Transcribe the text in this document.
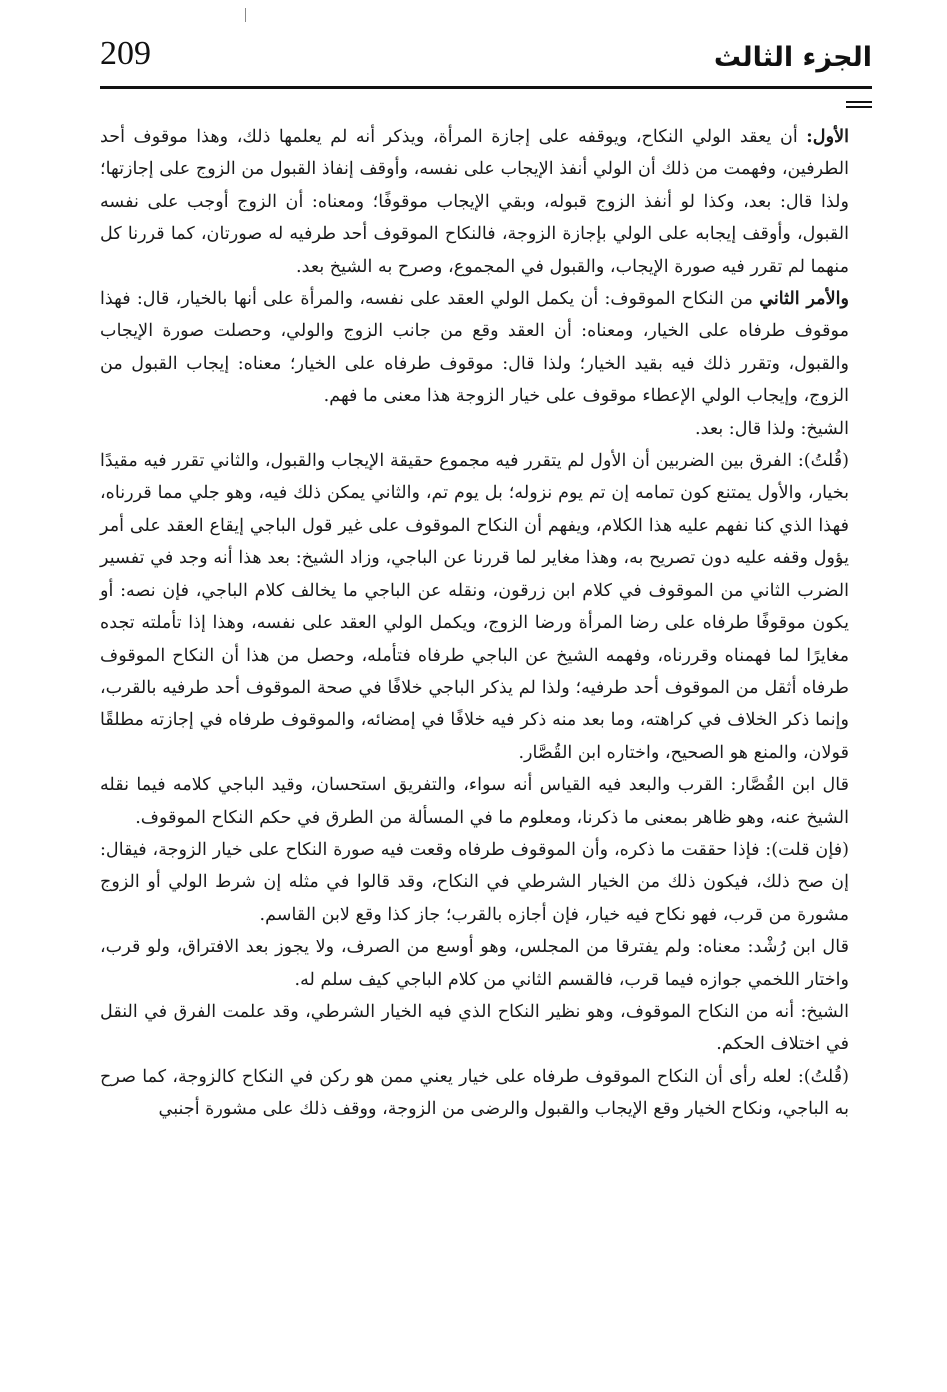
209	الجزء الثالث

الأول: أن يعقد الولي النكاح، ويوقفه على إجازة المرأة، ويذكر أنه لم يعلمها ذلك، وهذا موقوف أحد الطرفين، وفهمت من ذلك أن الولي أنفذ الإيجاب على نفسه، وأوقف إنفاذ القبول من الزوج على إجازتها؛ ولذا قال: بعد، وكذا لو أنفذ الزوج قبوله، وبقي الإيجاب موقوفًا؛ ومعناه: أن الزوج أوجب على نفسه القبول، وأوقف إيجابه على الولي بإجازة الزوجة، فالنكاح الموقوف أحد طرفيه له صورتان، كما قررنا كل منهما لم تقرر فيه صورة الإيجاب، والقبول في المجموع، وصرح به الشيخ بعد.

والأمر الثاني من النكاح الموقوف: أن يكمل الولي العقد على نفسه، والمرأة على أنها بالخيار، قال: فهذا موقوف طرفاه على الخيار، ومعناه: أن العقد وقع من جانب الزوج والولي، وحصلت صورة الإيجاب والقبول، وتقرر ذلك فيه بقيد الخيار؛ ولذا قال: موقوف طرفاه على الخيار؛ معناه: إيجاب القبول من الزوج، وإيجاب الولي الإعطاء موقوف على خيار الزوجة هذا معنى ما فهم.

الشيخ: ولذا قال: بعد.

(قُلتُ): الفرق بين الضربين أن الأول لم يتقرر فيه مجموع حقيقة الإيجاب والقبول، والثاني تقرر فيه مقيدًا بخيار، والأول يمتنع كون تمامه إن تم يوم نزوله؛ بل يوم تم، والثاني يمكن ذلك فيه، وهو جلي مما قررناه، فهذا الذي كنا نفهم عليه هذا الكلام، ويفهم أن النكاح الموقوف على غير قول الباجي إيقاع العقد على أمر يؤول وقفه عليه دون تصريح به، وهذا مغاير لما قررنا عن الباجي، وزاد الشيخ: بعد هذا أنه وجد في تفسير الضرب الثاني من الموقوف في كلام ابن زرقون، ونقله عن الباجي ما يخالف كلام الباجي، فإن نصه: أو يكون موقوفًا طرفاه على رضا المرأة ورضا الزوج، ويكمل الولي العقد على نفسه، وهذا إذا تأملته تجده مغايرًا لما فهمناه وقررناه، وفهمه الشيخ عن الباجي طرفاه فتأمله، وحصل من هذا أن النكاح الموقوف طرفاه أثقل من الموقوف أحد طرفيه؛ ولذا لم يذكر الباجي خلافًا في صحة الموقوف أحد طرفيه بالقرب، وإنما ذكر الخلاف في كراهته، وما بعد منه ذكر فيه خلافًا في إمضائه، والموقوف طرفاه في إجازته مطلقًا قولان، والمنع هو الصحيح، واختاره ابن القُصَّار.

قال ابن القُصَّار: القرب والبعد فيه القياس أنه سواء، والتفريق استحسان، وقيد الباجي كلامه فيما نقله الشيخ عنه، وهو ظاهر بمعنى ما ذكرنا، ومعلوم ما في المسألة من الطرق في حكم النكاح الموقوف.

(فإن قلت): فإذا حققت ما ذكره، وأن الموقوف طرفاه وقعت فيه صورة النكاح على خيار الزوجة، فيقال: إن صح ذلك، فيكون ذلك من الخيار الشرطي في النكاح، وقد قالوا في مثله إن شرط الولي أو الزوج مشورة من قرب، فهو نكاح فيه خيار، فإن أجازه بالقرب؛ جاز كذا وقع لابن القاسم.

قال ابن رُشْد: معناه: ولم يفترقا من المجلس، وهو أوسع من الصرف، ولا يجوز بعد الافتراق، ولو قرب، واختار اللخمي جوازه فيما قرب، فالقسم الثاني من كلام الباجي كيف سلم له.

الشيخ: أنه من النكاح الموقوف، وهو نظير النكاح الذي فيه الخيار الشرطي، وقد علمت الفرق في النقل في اختلاف الحكم.

(قُلتُ): لعله رأى أن النكاح الموقوف طرفاه على خيار يعني ممن هو ركن في النكاح كالزوجة، كما صرح به الباجي، ونكاح الخيار وقع الإيجاب والقبول والرضى من الزوجة، ووقف ذلك على مشورة أجنبي
